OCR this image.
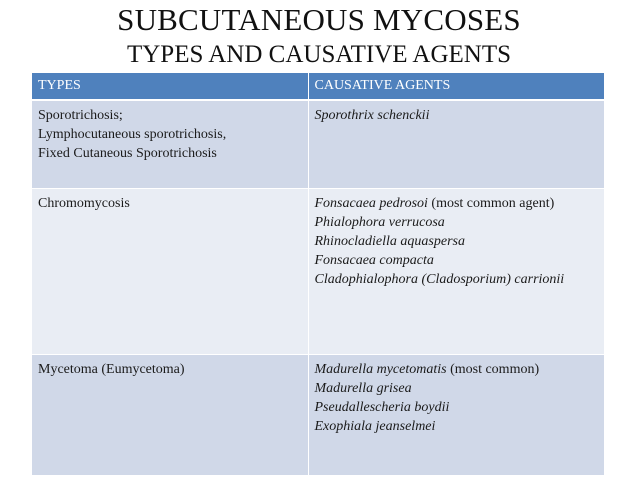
SUBCUTANEOUS MYCOSES
TYPES AND CAUSATIVE AGENTS
TYPES	CAUSATIVE AGENTS

Sporotrichosis;
Lymphocutaneous sporotrichosis,
Fixed Cutaneous Sporotrichosis	Sporothrix schenckii

Chromomycosis	Fonsacaea pedrosoi (most common agent)
Phialophora verrucosa
Rhinocladiella aquaspersa
Fonsacaea compacta
Cladophialophora (Cladosporium) carrionii

Mycetoma (Eumycetoma)	Madurella mycetomatis (most common)
Madurella grisea
Pseudallescheria boydii
Exophiala jeanselmei
